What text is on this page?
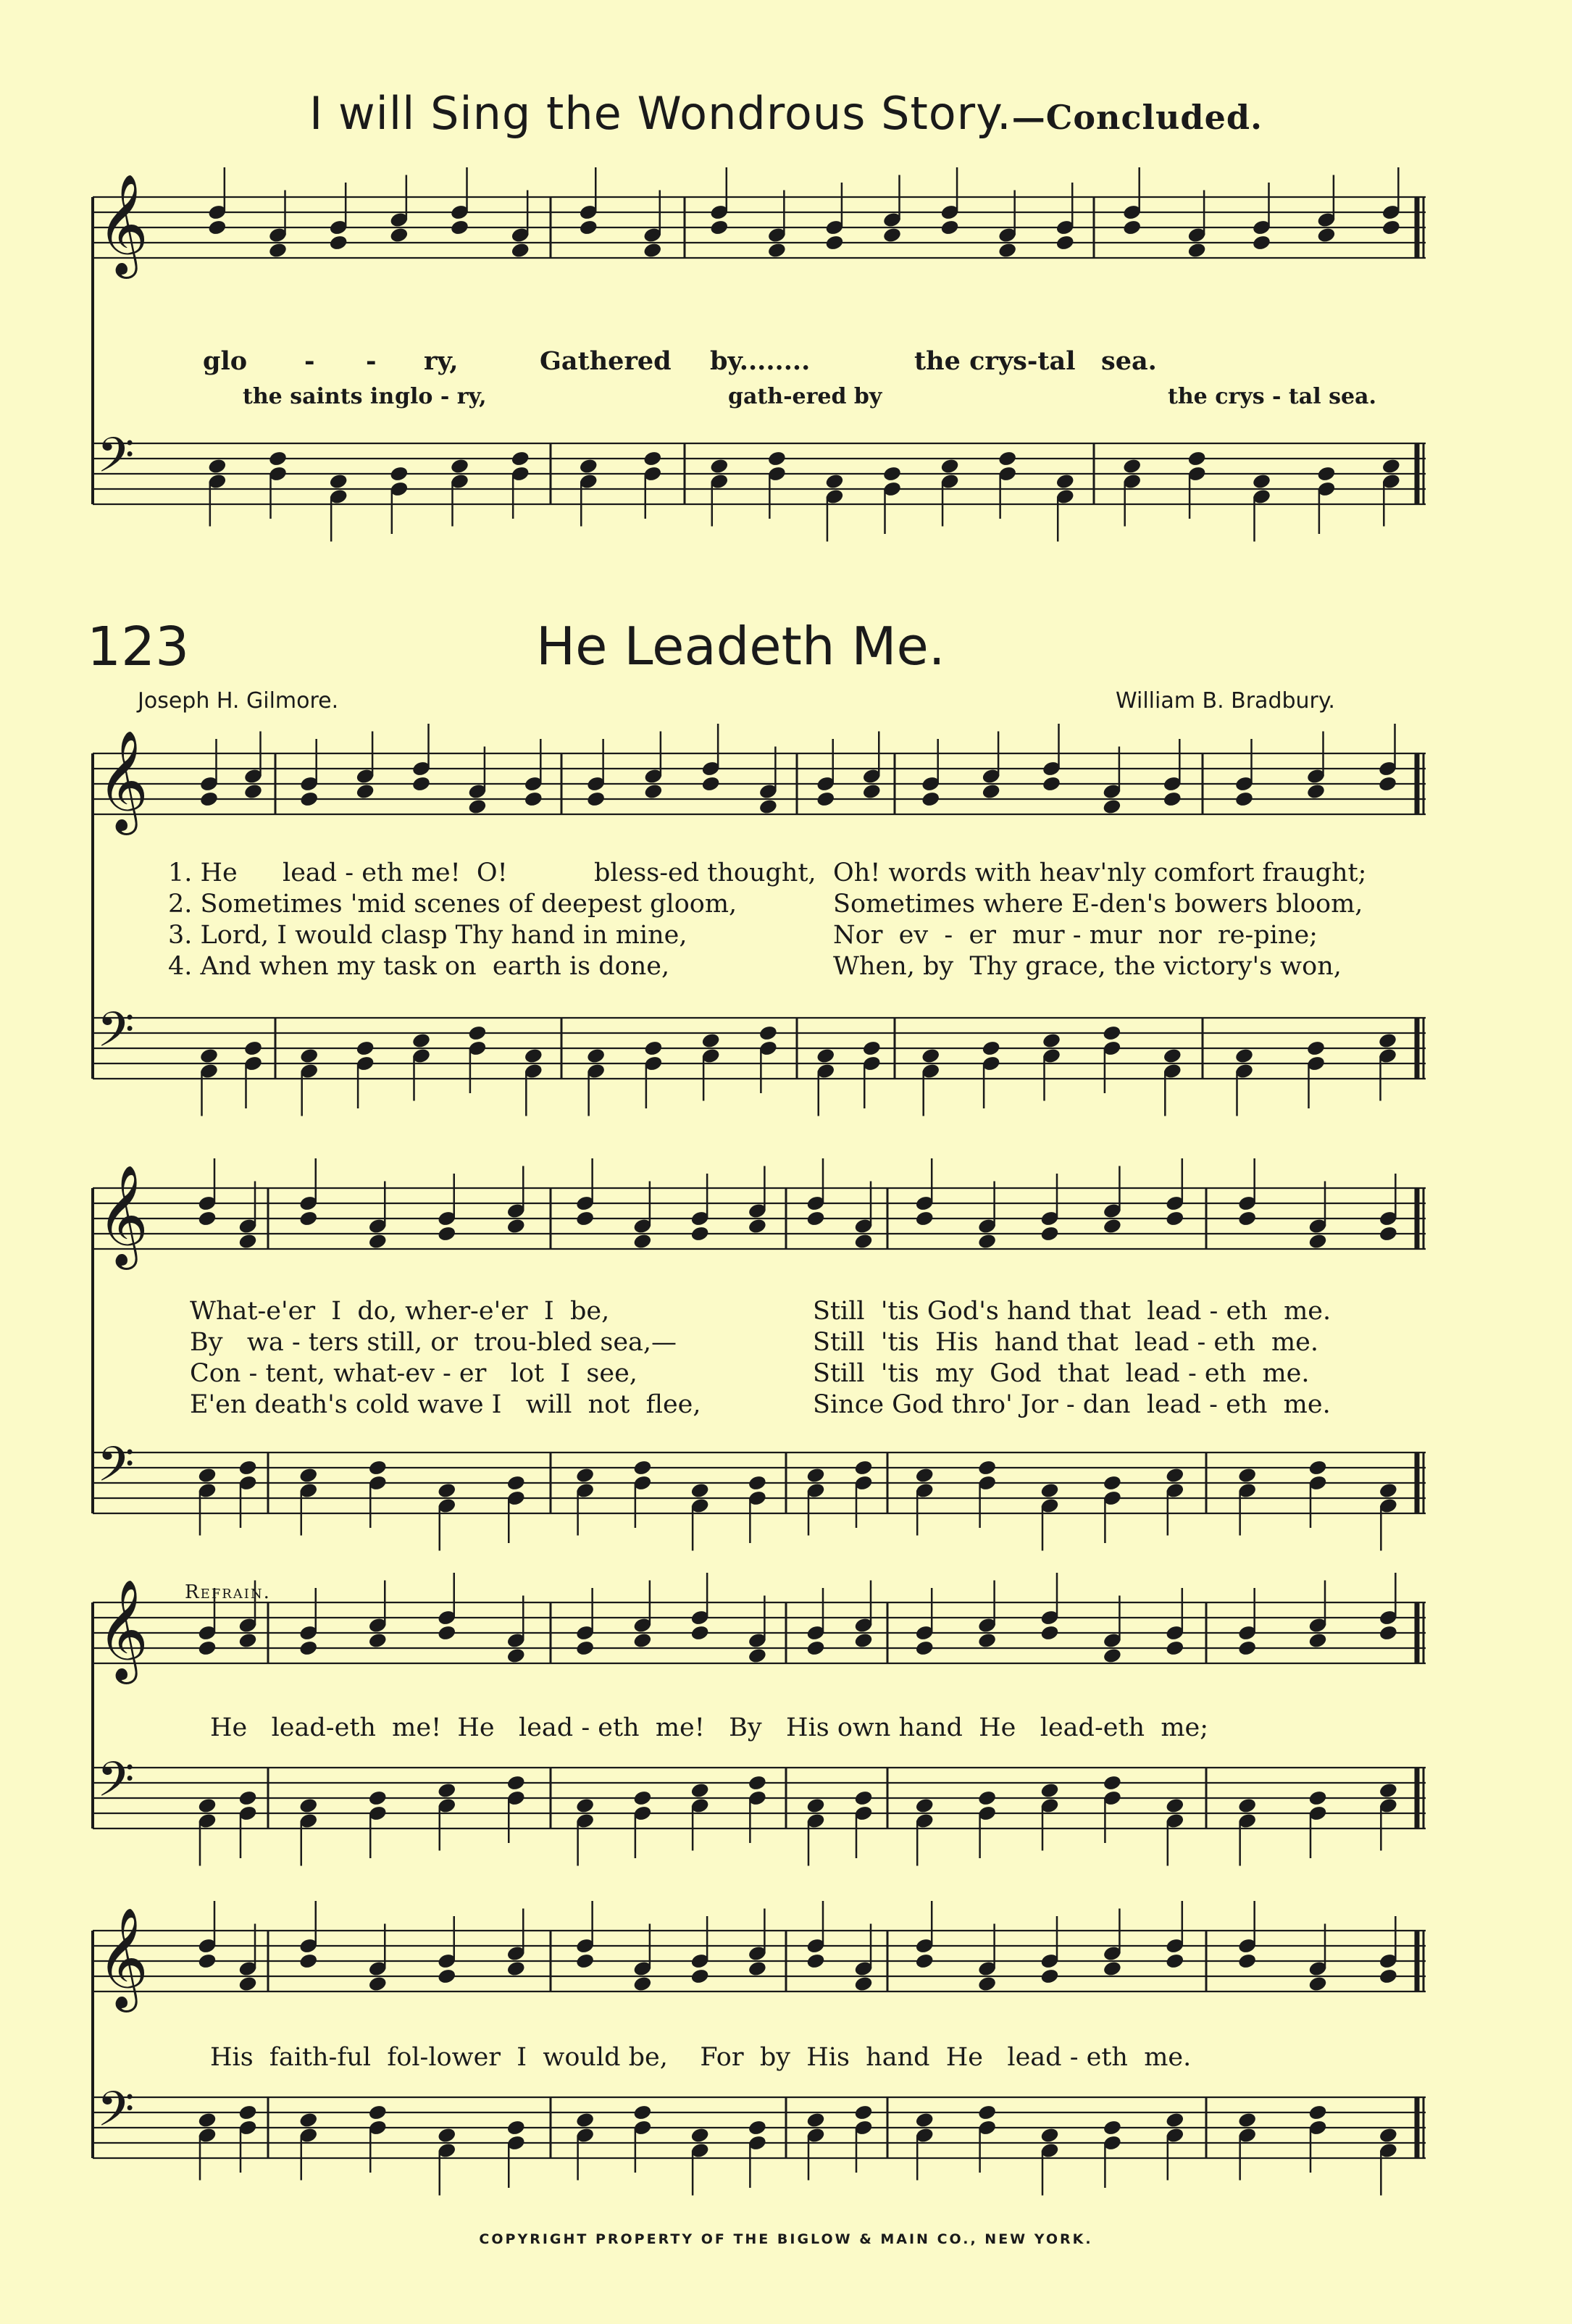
I will Sing the Wondrous Story.—Concluded.
123	He Leadeth Me.
Joseph H. Gilmore.	William B. Bradbury.
𝄞
𝄢
𝄞
𝄢
𝄞
𝄢
𝄞
𝄢
𝄞
𝄢
glo - - ry,	Gathered by........	the crys-tal sea.
the saints in glo - ry,	gath-ered by	the crys - tal sea.
1. He lead - eth me!  O!	bless-ed thought, Oh! words with heav'nly comfort fraught;
2. Sometimes 'mid scenes of deepest gloom,	Sometimes where E-den's bowers bloom,
3. Lord, I would clasp Thy hand in mine,	Nor  ev  -  er  mur - mur  nor  re-pine;
4. And when my task on  earth is done,	When, by  Thy grace, the victory's won,
What-e'er  I  do, wher-e'er  I  be,	Still  'tis God's hand that  lead - eth  me.
By   wa - ters still, or  trou-bled sea,—	Still  'tis  His  hand that  lead - eth  me.
Con - tent, what-ev - er   lot  I  see,	Still  'tis  my  God  that  lead - eth  me.
E'en death's cold wave I   will  not  flee,	Since God thro' Jor - dan  lead - eth  me.
Refrain.
He   lead-eth  me!  He   lead - eth  me!   By   His own hand  He   lead-eth  me;
His  faith-ful  fol-lower  I  would be,    For  by  His  hand  He   lead - eth  me.
COPYRIGHT PROPERTY OF THE BIGLOW & MAIN CO., NEW YORK.
